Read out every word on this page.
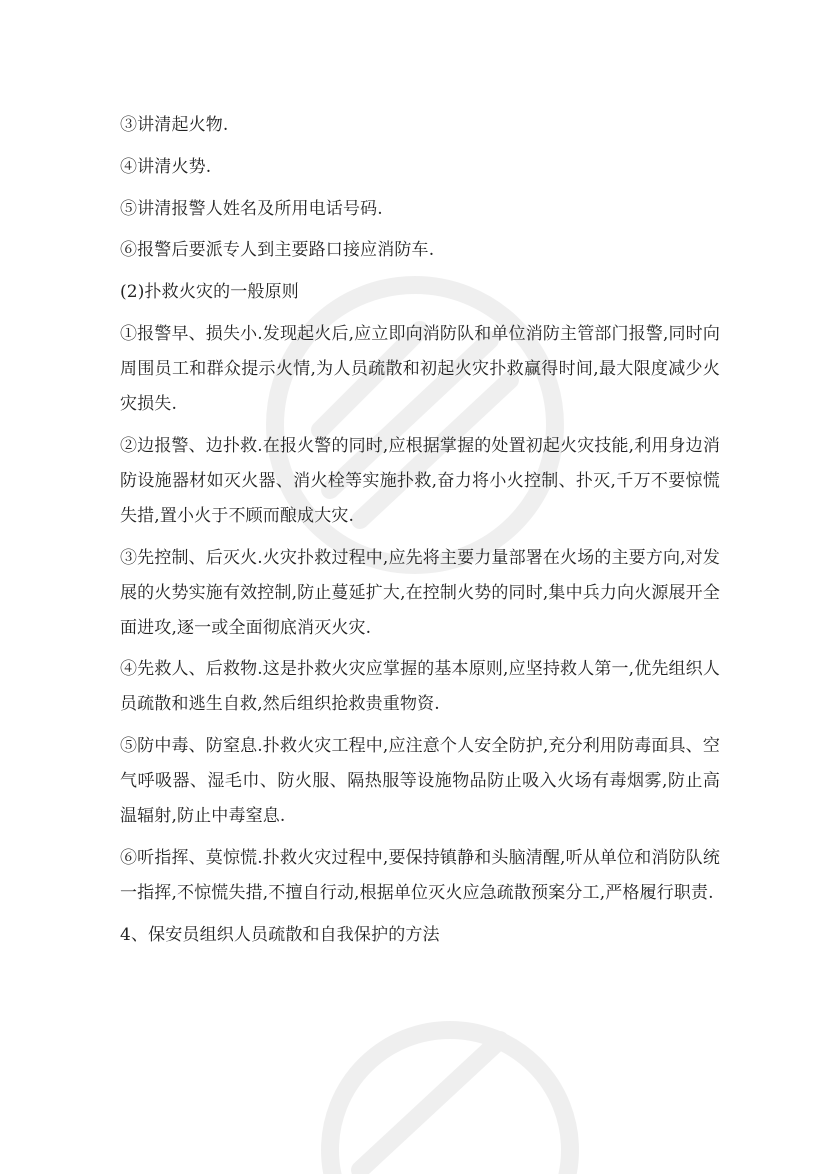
③讲清起火物.

④讲清火势.

⑤讲清报警人姓名及所用电话号码.

⑥报警后要派专人到主要路口接应消防车.

(2)扑救火灾的一般原则

①报警早、损失小.发现起火后,应立即向消防队和单位消防主管部门报警,同时向周围员工和群众提示火情,为人员疏散和初起火灾扑救赢得时间,最大限度减少火灾损失.

②边报警、边扑救.在报火警的同时,应根据掌握的处置初起火灾技能,利用身边消防设施器材如灭火器、消火栓等实施扑救,奋力将小火控制、扑灭,千万不要惊慌失措,置小火于不顾而酿成大灾.

③先控制、后灭火.火灾扑救过程中,应先将主要力量部署在火场的主要方向,对发展的火势实施有效控制,防止蔓延扩大,在控制火势的同时,集中兵力向火源展开全面进攻,逐一或全面彻底消灭火灾.

④先救人、后救物.这是扑救火灾应掌握的基本原则,应坚持救人第一,优先组织人员疏散和逃生自救,然后组织抢救贵重物资.

⑤防中毒、防窒息.扑救火灾工程中,应注意个人安全防护,充分利用防毒面具、空气呼吸器、湿毛巾、防火服、隔热服等设施物品防止吸入火场有毒烟雾,防止高温辐射,防止中毒窒息.

⑥听指挥、莫惊慌.扑救火灾过程中,要保持镇静和头脑清醒,听从单位和消防队统一指挥,不惊慌失措,不擅自行动,根据单位灭火应急疏散预案分工,严格履行职责.

4、保安员组织人员疏散和自我保护的方法
